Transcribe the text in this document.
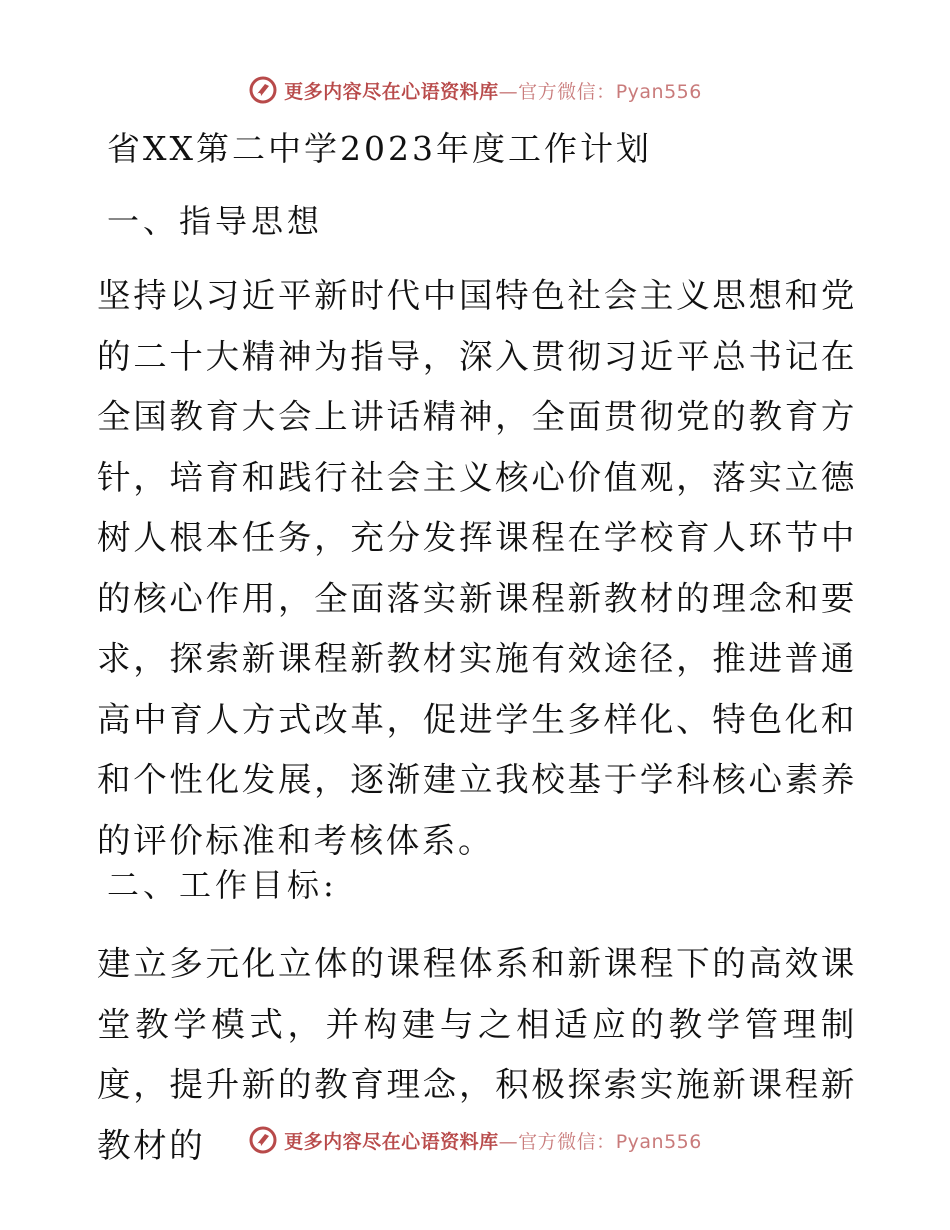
更多内容尽在心语资料库—官方微信：Pyan556
省XX第二中学2023年度工作计划
一、指导思想

坚持以习近平新时代中国特色社会主义思想和党的二十大精神为指导，深入贯彻习近平总书记在全国教育大会上讲话精神，全面贯彻党的教育方针，培育和践行社会主义核心价值观，落实立德树人根本任务，充分发挥课程在学校育人环节中的核心作用，全面落实新课程新教材的理念和要求，探索新课程新教材实施有效途径，推进普通高中育人方式改革，促进学生多样化、特色化和和个性化发展，逐渐建立我校基于学科核心素养的评价标准和考核体系。

二、工作目标:

建立多元化立体的课程体系和新课程下的高效课堂教学模式，并构建与之相适应的教学管理制度，提升新的教育理念，积极探索实施新课程新教材的	更多内容尽在心语资料库—官方微信：Pyan556
